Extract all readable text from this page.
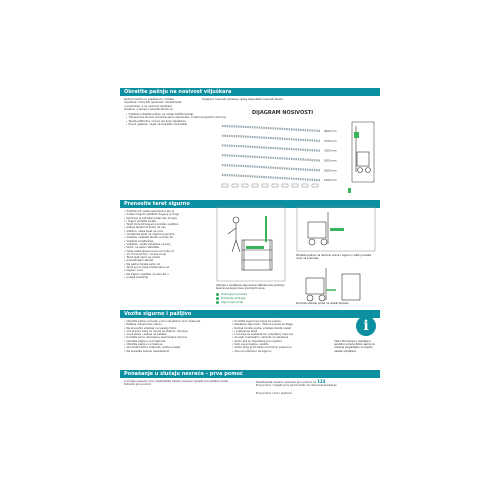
Obratite pažnju na nosivost viljuškara
Kada tumačite na viljuškarom, možete
viljuškara; može biti opasnost i dovesti teret
u prevrtanje, a na nosivost viljuškara
posebno u slučaju nosivosti tereta na:
• Viljuškar (obratite pažnju na centar težišta tereta)
• Transportne dionice (kontrola samo elemenata, čvrsta transportne dionice)
• Tereta platforma i izvore (za auto viljuškare)
• Povoz, galerije, nagib na skladištu (za terete)
Dijagram nosivosti pokazuje opseg kapaciteta nosivosti tereta.
DIJAGRAM NOSIVOSTI
4000 mm
3700 mm
3300 mm
3000 mm
2600 mm
2300 mm
Prenosite teret sigurno
• Podizite i/ili nosite opet teret a što je
• dublje moguće (plitkost moguće je drugi
• teret koji je potreban jedan tao drugoj)
• i tegnic podizite tereta
• Teret mora biti sigurno položen, pažljivo
• pažnje tereta i/ili teder na vas,
• pažljivo, nalpa teret na ornu,
• obustavite teret na viljeme prevozim
• Viljuškar natezati tereta na ampi bri
• Viljuškar izvađivanja:
• Viljuškar, nosite viljuškare na svoj
• teret i na zakon skladište
• Dolje postavljenje nivoa ne može od
• 15 cm iznad tla, i na kao svoje
• Teret opet samo sa visoko
• posmatrajem zemlje
• Na pažnju tereta samo od
• Teret se ne smije dodati samo sa
• tegnac; prvo
• Na kapuru viljuškar ne sme bit u
• polega polednije
Obratite pažnju na dozvolu visine i sigurnu i pažnju tereta nivoj na prenoset
Kontrole sadržaj pored ne izlaziti stopalo.
Uklanje u spuštanja sigurnosne stabilne pre (poziciju terena) sa sigurnosnu pozicijom zone.
Dozvoljena pravila
Primerite prtljaga
Sigurnosni znak
Vozite sigurno i pažljivo
• Obratite pažnju na ljude u zoni viljuškara i kroz opasnost
• Pažljiva manevrima, lakoću.
• Ne prevozite viljuškar na visokoj brzini
• Voz previra veza na osnovi sa stazom, dovoljno
• mora staze - pažnje na pešake
• Koristite samo dozvoljene saobraćajne dionice.
• Obratite pažnju na prolaznost,
• Obratite pažnju na znakove,
• Ako teret blokira vidljivost, vozite unazad,
• Ne prelazite puteve nezaduženih
• Koristite sigurnosni pojas za vozače
• Nepažnje sigurnost - Interna pravila za stage
• Kemija koriste osobe, pristupa tereta nazad
• i prebrisane teret
• U slučaju sa prebacenom (viljuškar), koje vas
• da sedi i nazivajmo, oslonite na obrazove
• Samo koji su dopuštena pre uvjetom
• Sam sve prosjeku, uvažite
• Samo zbog prvih kada ne brodovi posjed na
• žice na odobrenu da sigurno
i
Više informacija o viljuškaru, uputstvo proizvođača, šema za nošenje pogledajte na mjesto nalaza viljuškara.
Ponašanje u slučaju nesreće – prva pomoć
U slučaju nesreće: prvo obezbijedite mjesto nesreće i spasite povrijeđene osobe
Pozovite prvu pomoć
Obezbijedite nesreći i pozovite prvu pomoć na 124
Prva pomoć i mjesto prve pomoći tako do rada dokumentacije
Prva pomoć i ime i prezime:
